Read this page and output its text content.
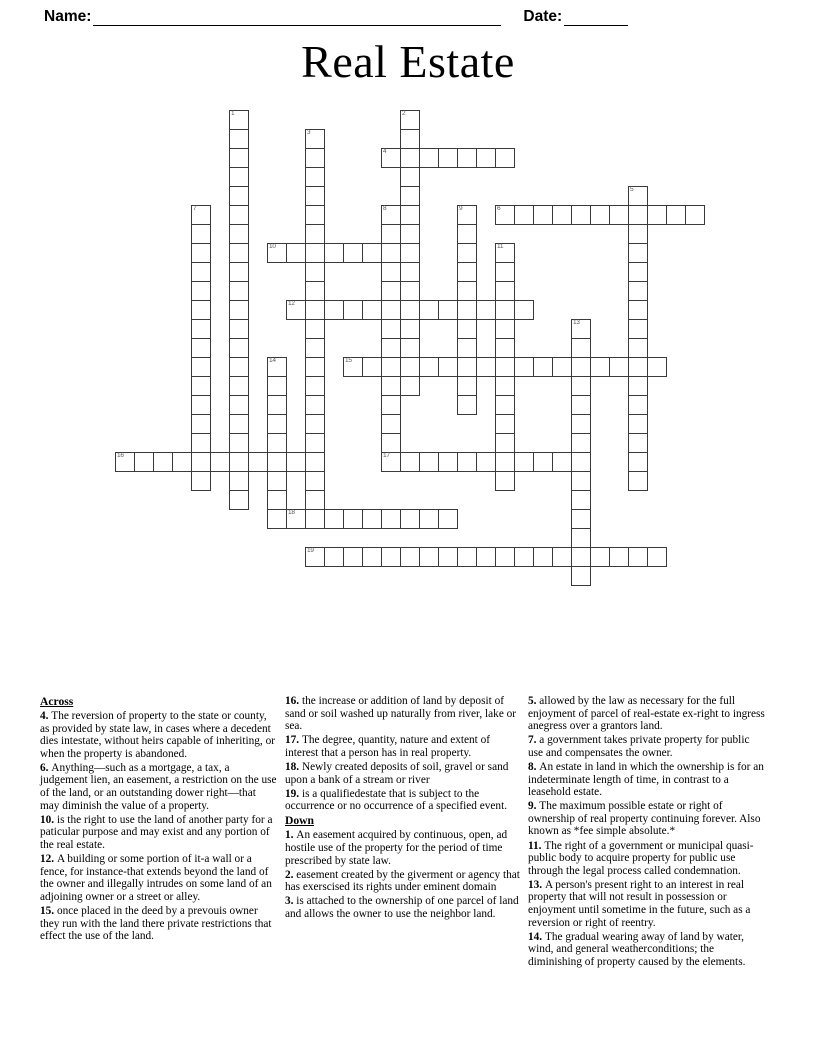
Name:	Date:
Real Estate
1	2
3
4
5
6
7	8
17
9
10	11
12
13
14	15
16
18
19
Across
4. The reversion of property to the state or county, as provided by state law, in cases where a decedent dies intestate, without heirs capable of inheriting, or when the property is abandoned.
6. Anything—such as a mortgage, a tax, a judgement lien, an easement, a restriction on the use of the land, or an outstanding dower right—that may diminish the value of a property.
10. is the right to use the land of another party for a paticular purpose and may exist and any portion of the real estate.
12. A building or some portion of it-a wall or a fence, for instance-that extends beyond the land of the owner and illegally intrudes on some land of an adjoining owner or a street or alley.
15. once placed in the deed by a prevouis owner they run with the land there private restrictions that effect the use of the land.
16. the increase or addition of land by deposit of sand or soil washed up naturally from river, lake or sea.
17. The degree, quantity, nature and extent of interest that a person has in real property.
18. Newly created deposits of soil, gravel or sand upon a bank of a stream or river
19. is a qualifiedestate that is subject to the occurrence or no occurrence of a specified event.
Down
1. An easement acquired by continuous, open, ad hostile use of the property for the period of time prescribed by state law.
2. easement created by the giverment or agency that has exerscised its rights under eminent domain
3. is attached to the ownership of one parcel of land and allows the owner to use the neighbor land.
5. allowed by the law as necessary for the full enjoyment of parcel of real-estate ex-right to ingress anegress over a grantors land.
7. a government takes private property for public use and compensates the owner.
8. An estate in land in which the ownership is for an indeterminate length of time, in contrast to a leasehold estate.
9. The maximum possible estate or right of ownership of real property continuing forever. Also known as *fee simple absolute.*
11. The right of a government or municipal quasi-public body to acquire property for public use through the legal process called condemnation.
13. A person's present right to an interest in real property that will not result in possession or enjoyment until sometime in the future, such as a reversion or right of reentry.
14. The gradual wearing away of land by water, wind, and general weatherconditions; the diminishing of property caused by the elements.
